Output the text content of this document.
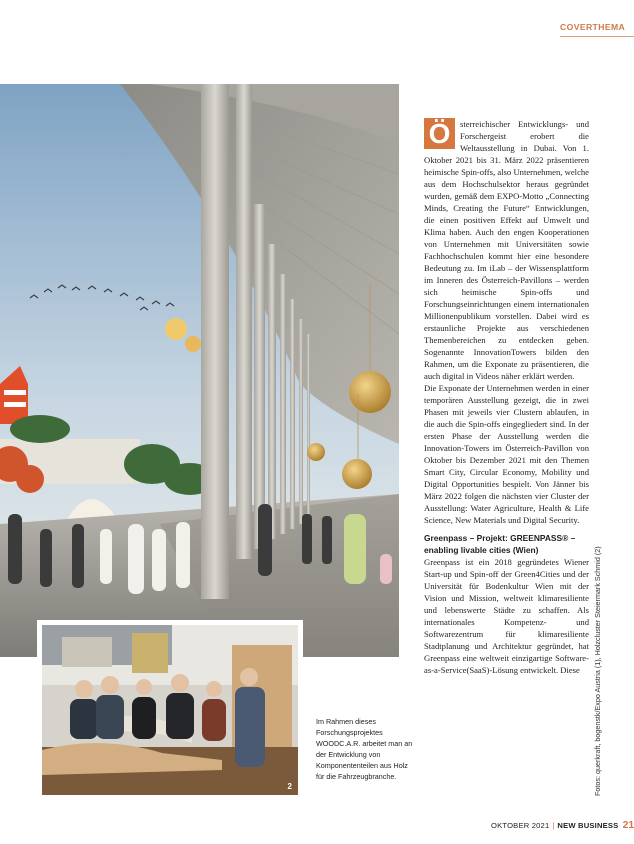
COVERTHEMA
2
Im Rahmen dieses Forschungsprojektes WOODC.A.R. arbeitet man an der Entwicklung von Komponententeilen aus Holz für die Fahrzeugbranche.
Ö	sterreichischer Entwicklungs- und Forschergeist erobert die Weltausstellung in Dubai. Von 1. Oktober 2021 bis 31. März 2022 präsentieren heimische Spin-offs, also Unternehmen, welche aus dem Hochschulsektor heraus gegründet wurden, gemäß dem EXPO-Motto „Connecting Minds, Creating the Future“ Entwicklungen, die einen positiven Effekt auf Umwelt und Klima haben. Auch den engen Kooperationen von Unternehmen mit Universitäten sowie Fachhochschulen kommt hier eine besondere Bedeutung zu. Im iLab – der Wissensplattform im Inneren des Österreich-Pavillons – werden sich heimische Spin-offs und Forschungseinrichtungen einem internationalen Millionenpublikum vorstellen. Dabei wird es erstaunliche Projekte aus verschiedenen Themenbereichen zu entdecken geben. Sogenannte InnovationTowers bilden den Rahmen, um die Exponate zu präsentieren, die auch digital in Videos näher erklärt werden.

Die Exponate der Unternehmen werden in einer temporären Ausstellung gezeigt, die in zwei Phasen mit jeweils vier Clustern ablaufen, in die auch die Spin-offs eingegliedert sind. In der ersten Phase der Ausstellung werden die Innovation-Towers im Österreich-Pavillon von Oktober bis Dezember 2021 mit den Themen Smart City, Circular Economy, Mobility und Digital Opportunities bespielt. Von Jänner bis März 2022 folgen die nächsten vier Cluster der Ausstellung: Water Agriculture, Health & Life Science, New Materials und Digital Security.

Greenpass – Projekt: GREENPASS® – enabling livable cities (Wien)

Greenpass ist ein 2018 gegründetes Wiener Start-up und Spin-off der Green4Cities und der Universität für Bodenkultur Wien mit der Vision und Mission, weltweit klimaresiliente und lebenswerte Städte zu schaffen. Als internationales Kompetenz- und Softwarezentrum für klimaresiliente Stadtplanung und Architektur gegründet, hat Greenpass eine weltweit einzigartige Software-as-a-Service(SaaS)-Lösung entwickelt. Diese	Fotos: querkraft, bogenstk/Expo Austria (1), Holzcluster Steiermark Schmid (2)
OKTOBER 2021 | NEW BUSINESS 21
